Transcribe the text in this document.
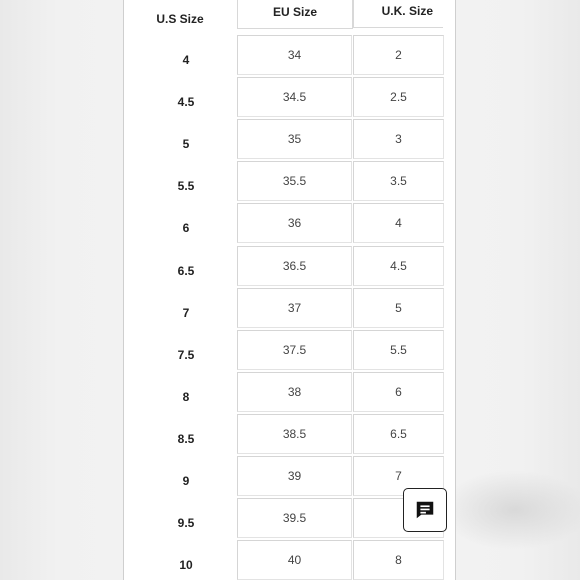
U.S Size	EU Size	U.K. Size
4	34	2
4.5	34.5	2.5
5	35	3
5.5	35.5	3.5
6	36	4
6.5	36.5	4.5
7	37	5
7.5	37.5	5.5
8	38	6
8.5	38.5	6.5
9	39	7
9.5	39.5
10	40	8
